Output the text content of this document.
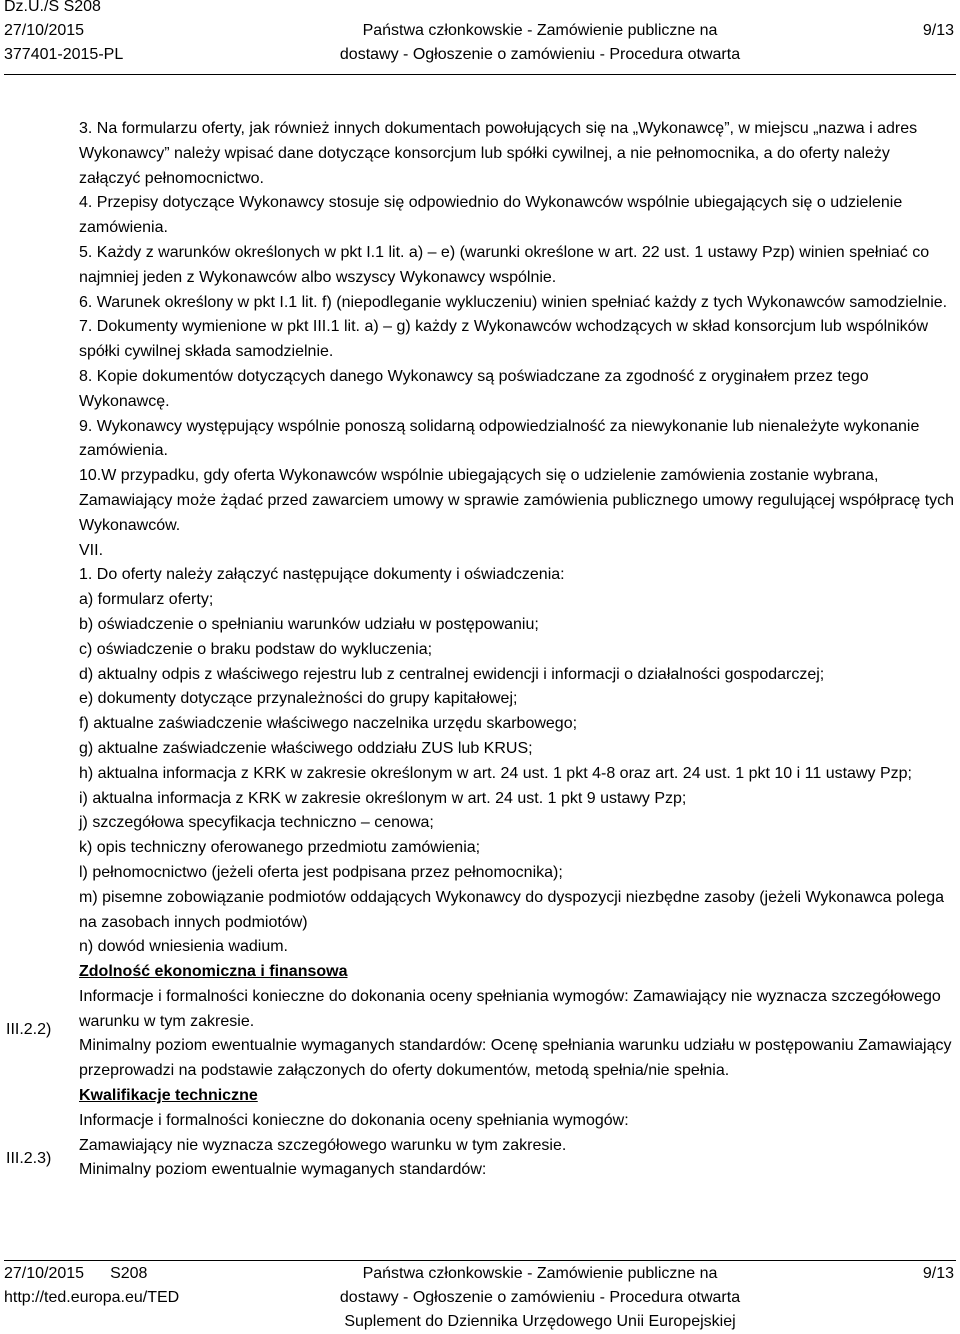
Dz.U./S S208
27/10/2015
377401-2015-PL
Państwa członkowskie - Zamówienie publiczne na
dostawy - Ogłoszenie o zamówieniu - Procedura otwarta
9/13

3. Na formularzu oferty, jak również innych dokumentach powołujących się na „Wykonawcę”, w miejscu „nazwa i adres Wykonawcy” należy wpisać dane dotyczące konsorcjum lub spółki cywilnej, a nie pełnomocnika, a do oferty należy załączyć pełnomocnictwo.

4. Przepisy dotyczące Wykonawcy stosuje się odpowiednio do Wykonawców wspólnie ubiegających się o udzielenie zamówienia.

5. Każdy z warunków określonych w pkt I.1 lit. a) – e) (warunki określone w art. 22 ust. 1 ustawy Pzp) winien spełniać co najmniej jeden z Wykonawców albo wszyscy Wykonawcy wspólnie.

6. Warunek określony w pkt I.1 lit. f) (niepodleganie wykluczeniu) winien spełniać każdy z tych Wykonawców samodzielnie.

7. Dokumenty wymienione w pkt III.1 lit. a) – g) każdy z Wykonawców wchodzących w skład konsorcjum lub wspólników spółki cywilnej składa samodzielnie.

8. Kopie dokumentów dotyczących danego Wykonawcy są poświadczane za zgodność z oryginałem przez tego Wykonawcę.

9. Wykonawcy występujący wspólnie ponoszą solidarną odpowiedzialność za niewykonanie lub nienależyte wykonanie zamówienia.

10.W przypadku, gdy oferta Wykonawców wspólnie ubiegających się o udzielenie zamówienia zostanie wybrana, Zamawiający może żądać przed zawarciem umowy w sprawie zamówienia publicznego umowy regulującej współpracę tych Wykonawców.

VII.

1. Do oferty należy załączyć następujące dokumenty i oświadczenia:

a) formularz oferty;

b) oświadczenie o spełnianiu warunków udziału w postępowaniu;

c) oświadczenie o braku podstaw do wykluczenia;

d) aktualny odpis z właściwego rejestru lub z centralnej ewidencji i informacji o działalności gospodarczej;

e) dokumenty dotyczące przynależności do grupy kapitałowej;

f) aktualne zaświadczenie właściwego naczelnika urzędu skarbowego;

g) aktualne zaświadczenie właściwego oddziału ZUS lub KRUS;

h) aktualna informacja z KRK w zakresie określonym w art. 24 ust. 1 pkt 4-8 oraz art. 24 ust. 1 pkt 10 i 11 ustawy Pzp;

i) aktualna informacja z KRK w zakresie określonym w art. 24 ust. 1 pkt 9 ustawy Pzp;

j) szczegółowa specyfikacja techniczno – cenowa;

k) opis techniczny oferowanego przedmiotu zamówienia;

l) pełnomocnictwo (jeżeli oferta jest podpisana przez pełnomocnika);

m) pisemne zobowiązanie podmiotów oddających Wykonawcy do dyspozycji niezbędne zasoby (jeżeli Wykonawca polega na zasobach innych podmiotów)

n) dowód wniesienia wadium.

Zdolność ekonomiczna i finansowa

Informacje i formalności konieczne do dokonania oceny spełniania wymogów: Zamawiający nie wyznacza szczegółowego warunku w tym zakresie.

Minimalny poziom ewentualnie wymaganych standardów: Ocenę spełniania warunku udziału w postępowaniu Zamawiający przeprowadzi na podstawie załączonych do oferty dokumentów, metodą spełnia/nie spełnia.

Kwalifikacje techniczne

Informacje i formalności konieczne do dokonania oceny spełniania wymogów:

Zamawiający nie wyznacza szczegółowego warunku w tym zakresie.

Minimalny poziom ewentualnie wymaganych standardów:

III.2.2)
III.2.3)
27/10/2015 S208
http://ted.europa.eu/TED
Państwa członkowskie - Zamówienie publiczne na
dostawy - Ogłoszenie o zamówieniu - Procedura otwarta
Suplement do Dziennika Urzędowego Unii Europejskiej
9/13
